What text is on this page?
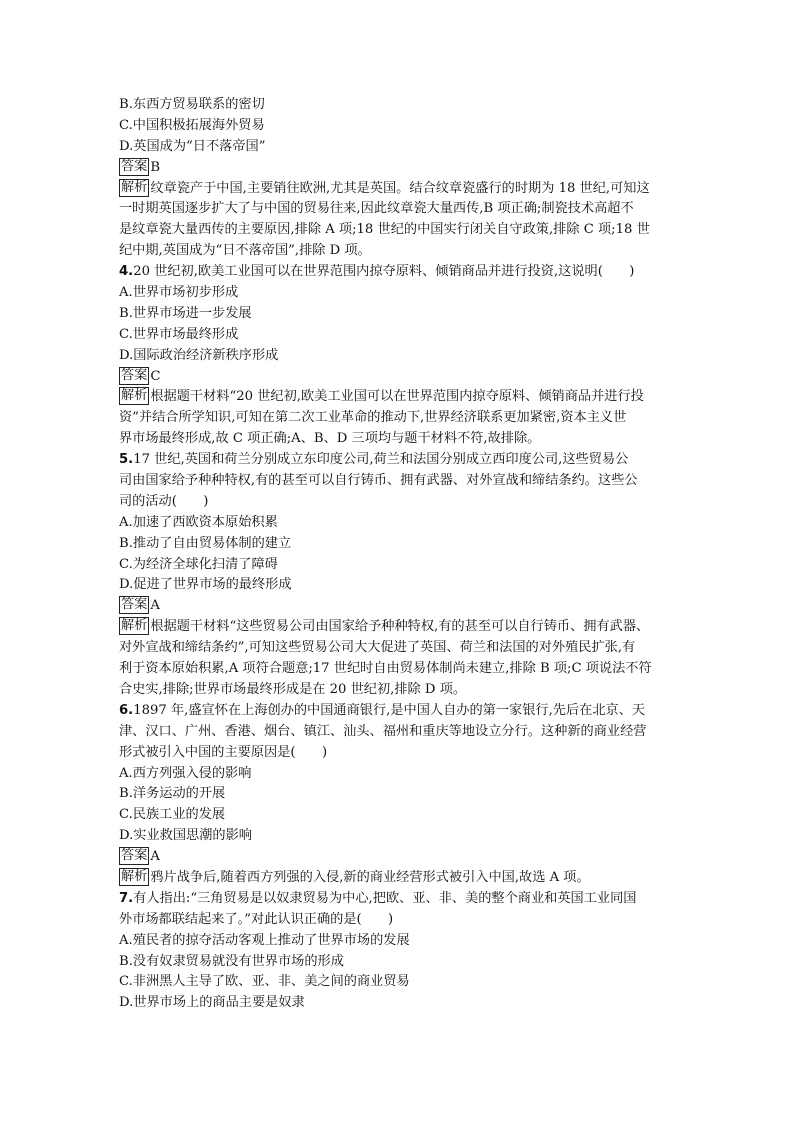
B.东西方贸易联系的密切
C.中国积极拓展海外贸易
D.英国成为“日不落帝国”
答案 B
解析 纹章瓷产于中国,主要销往欧洲,尤其是英国。结合纹章瓷盛行的时期为 18 世纪,可知这
一时期英国逐步扩大了与中国的贸易往来,因此纹章瓷大量西传,B 项正确;制瓷技术高超不
是纹章瓷大量西传的主要原因,排除 A 项;18 世纪的中国实行闭关自守政策,排除 C 项;18 世
纪中期,英国成为“日不落帝国”,排除 D 项。
4.20 世纪初,欧美工业国可以在世界范围内掠夺原料、倾销商品并进行投资,这说明(　　)
A.世界市场初步形成
B.世界市场进一步发展
C.世界市场最终形成
D.国际政治经济新秩序形成
答案 C
解析 根据题干材料“20 世纪初,欧美工业国可以在世界范围内掠夺原料、倾销商品并进行投
资”并结合所学知识,可知在第二次工业革命的推动下,世界经济联系更加紧密,资本主义世
界市场最终形成,故 C 项正确;A、B、D 三项均与题干材料不符,故排除。
5.17 世纪,英国和荷兰分别成立东印度公司,荷兰和法国分别成立西印度公司,这些贸易公
司由国家给予种种特权,有的甚至可以自行铸币、拥有武器、对外宣战和缔结条约。这些公
司的活动(　　)
A.加速了西欧资本原始积累
B.推动了自由贸易体制的建立
C.为经济全球化扫清了障碍
D.促进了世界市场的最终形成
答案 A
解析 根据题干材料“这些贸易公司由国家给予种种特权,有的甚至可以自行铸币、拥有武器、
对外宣战和缔结条约”,可知这些贸易公司大大促进了英国、荷兰和法国的对外殖民扩张,有
利于资本原始积累,A 项符合题意;17 世纪时自由贸易体制尚未建立,排除 B 项;C 项说法不符
合史实,排除;世界市场最终形成是在 20 世纪初,排除 D 项。
6.1897 年,盛宣怀在上海创办的中国通商银行,是中国人自办的第一家银行,先后在北京、天
津、汉口、广州、香港、烟台、镇江、汕头、福州和重庆等地设立分行。这种新的商业经营
形式被引入中国的主要原因是(　　)
A.西方列强入侵的影响
B.洋务运动的开展
C.民族工业的发展
D.实业救国思潮的影响
答案 A
解析 鸦片战争后,随着西方列强的入侵,新的商业经营形式被引入中国,故选 A 项。
7.有人指出:“三角贸易是以奴隶贸易为中心,把欧、亚、非、美的整个商业和英国工业同国
外市场都联结起来了。”对此认识正确的是(　　)
A.殖民者的掠夺活动客观上推动了世界市场的发展
B.没有奴隶贸易就没有世界市场的形成
C.非洲黑人主导了欧、亚、非、美之间的商业贸易
D.世界市场上的商品主要是奴隶
